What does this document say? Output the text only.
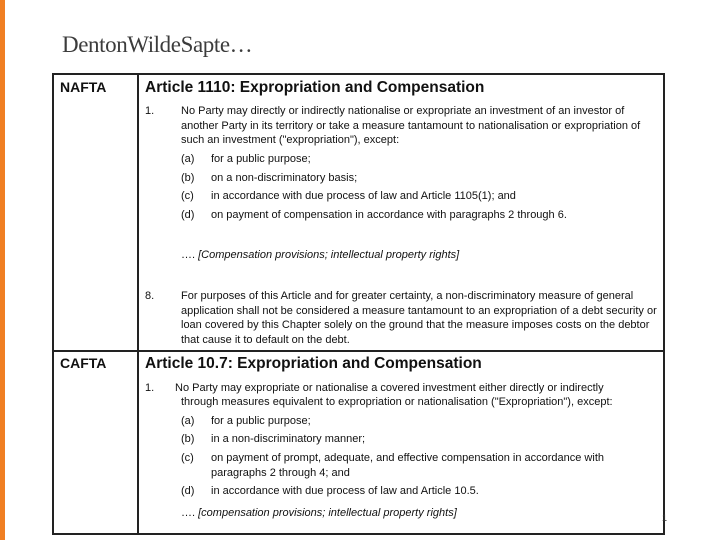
DentonWildeSapte…
NAFTA Article 1110: Expropriation and Compensation
1. No Party may directly or indirectly nationalise or expropriate an investment of an investor of another Party in its territory or take a measure tantamount to nationalisation or expropriation of such an investment ("expropriation"), except:
(a) for a public purpose;
(b) on a non-discriminatory basis;
(c) in accordance with due process of law and Article 1105(1); and
(d) on payment of compensation in accordance with paragraphs 2 through 6.
…. [Compensation provisions; intellectual property rights]
8. For purposes of this Article and for greater certainty, a non-discriminatory measure of general application shall not be considered a measure tantamount to an expropriation of a debt security or loan covered by this Chapter solely on the ground that the measure imposes costs on the debtor that cause it to default on the debt.
CAFTA Article 10.7: Expropriation and Compensation
1. No Party may expropriate or nationalise a covered investment either directly or indirectly
through measures equivalent to expropriation or nationalisation ("Expropriation"), except:
(a) for a public purpose;
(b) in a non-discriminatory manner;
(c) on payment of prompt, adequate, and effective compensation in accordance with paragraphs 2 through 4; and
(d) in accordance with due process of law and Article 10.5.
…. [compensation provisions; intellectual property rights]	1
